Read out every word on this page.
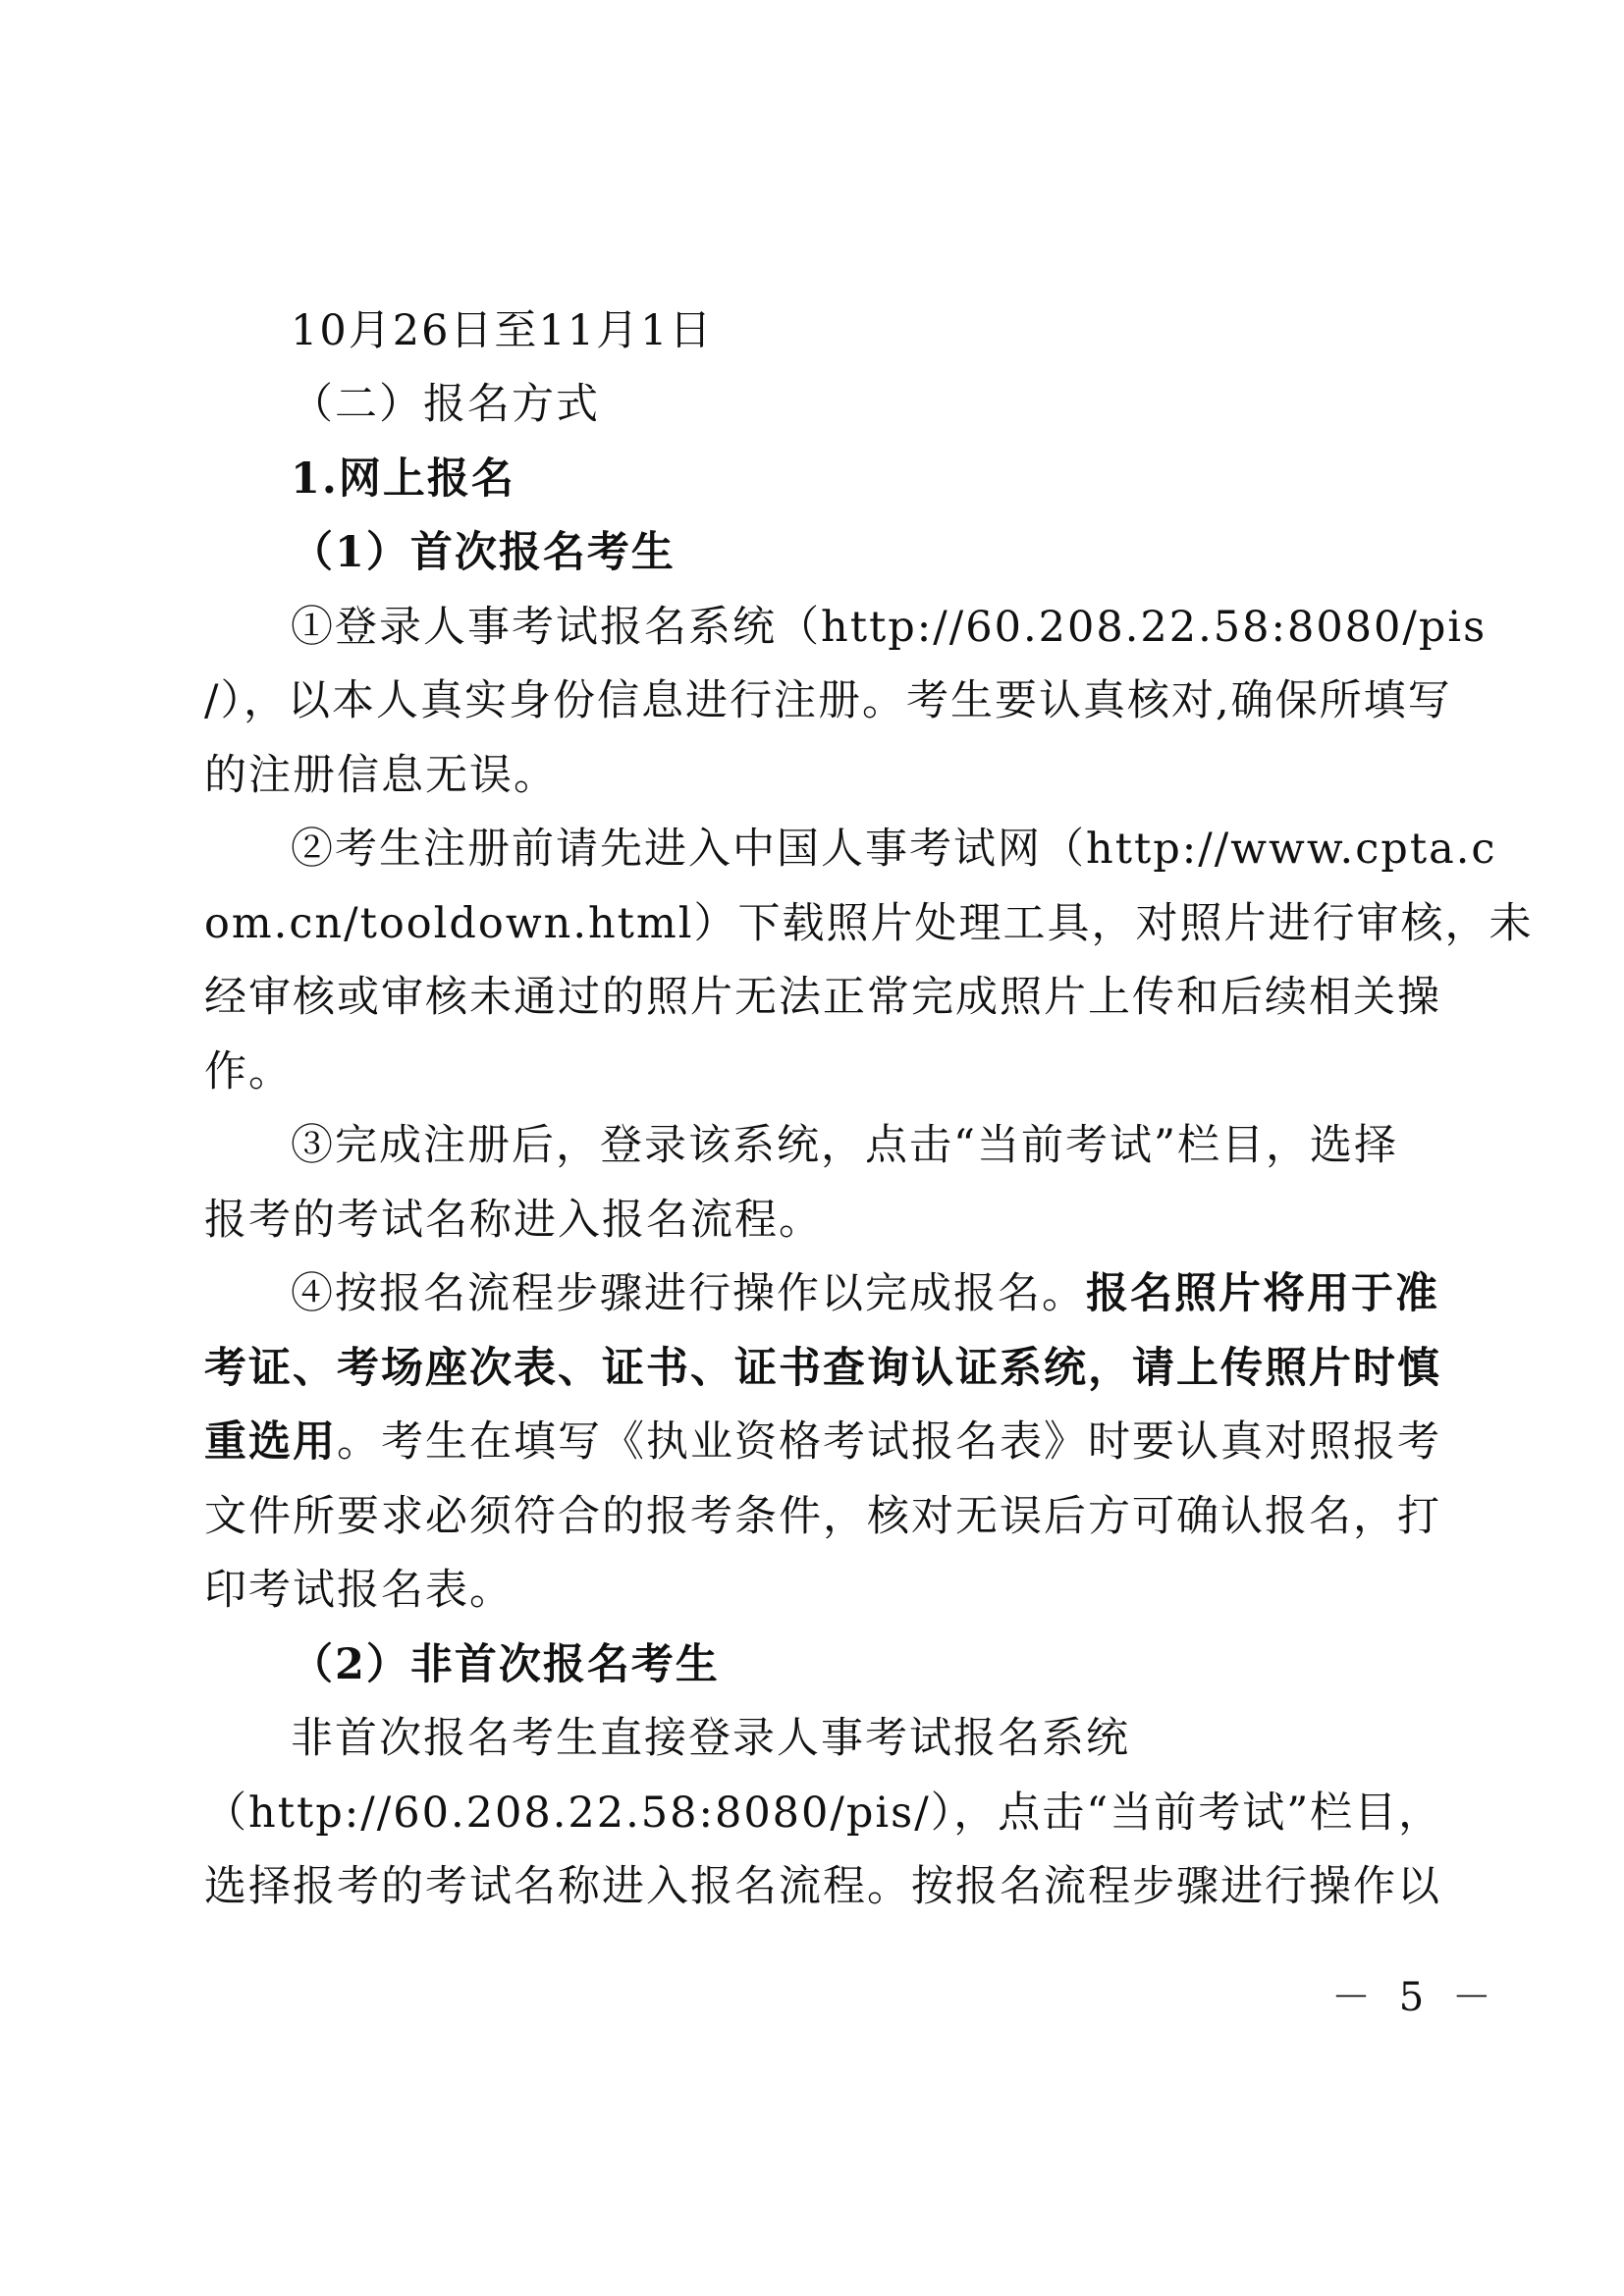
10月26日至11月1日
（二）报名方式
1.网上报名
（1）首次报名考生
①登录人事考试报名系统（http://60.208.22.58:8080/pis
/），以本人真实身份信息进行注册。考生要认真核对,确保所填写
的注册信息无误。
②考生注册前请先进入中国人事考试网（http://www.cpta.c
om.cn/tooldown.html）下载照片处理工具，对照片进行审核，未
经审核或审核未通过的照片无法正常完成照片上传和后续相关操
作。
③完成注册后，登录该系统，点击“当前考试”栏目，选择
报考的考试名称进入报名流程。
④按报名流程步骤进行操作以完成报名。报名照片将用于准
考证、考场座次表、证书、证书查询认证系统，请上传照片时慎
重选用。考生在填写《执业资格考试报名表》时要认真对照报考
文件所要求必须符合的报考条件，核对无误后方可确认报名，打
印考试报名表。
（2）非首次报名考生
非首次报名考生直接登录人事考试报名系统
（http://60.208.22.58:8080/pis/），点击“当前考试”栏目，
选择报考的考试名称进入报名流程。按报名流程步骤进行操作以
－ 5 －
